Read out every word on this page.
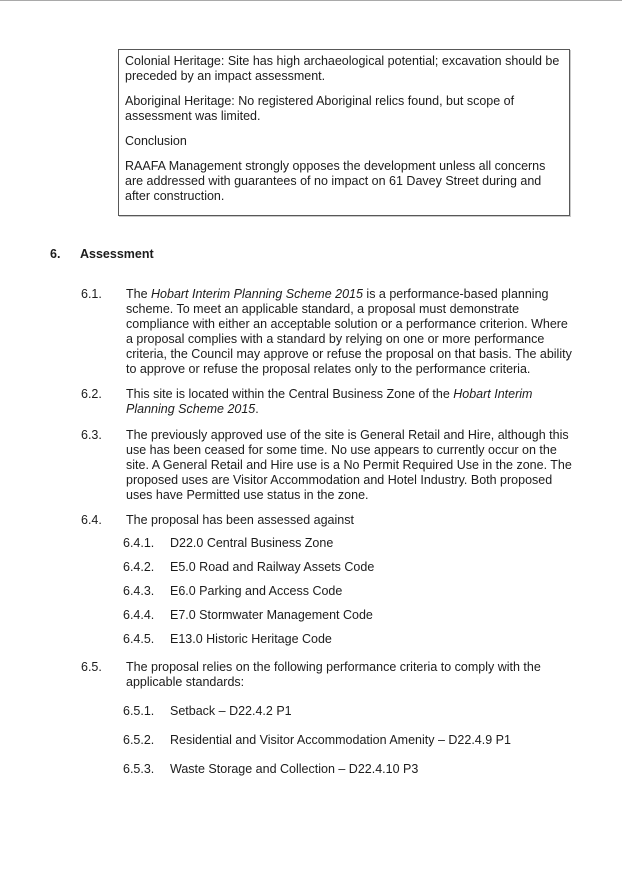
Colonial Heritage: Site has high archaeological potential; excavation should be preceded by an impact assessment.

Aboriginal Heritage: No registered Aboriginal relics found, but scope of assessment was limited.

Conclusion

RAAFA Management strongly opposes the development unless all concerns are addressed with guarantees of no impact on 61 Davey Street during and after construction.

6.	Assessment
6.1.	The Hobart Interim Planning Scheme 2015 is a performance-based planning scheme. To meet an applicable standard, a proposal must demonstrate compliance with either an acceptable solution or a performance criterion. Where a proposal complies with a standard by relying on one or more performance criteria, the Council may approve or refuse the proposal on that basis. The ability to approve or refuse the proposal relates only to the performance criteria.
6.2.	This site is located within the Central Business Zone of the Hobart Interim Planning Scheme 2015.
6.3.	The previously approved use of the site is General Retail and Hire, although this use has been ceased for some time. No use appears to currently occur on the site. A General Retail and Hire use is a No Permit Required Use in the zone. The proposed uses are Visitor Accommodation and Hotel Industry. Both proposed uses have Permitted use status in the zone.
6.4.	The proposal has been assessed against
6.4.1.	D22.0 Central Business Zone
6.4.2.	E5.0 Road and Railway Assets Code
6.4.3.	E6.0 Parking and Access Code
6.4.4.	E7.0 Stormwater Management Code
6.4.5.	E13.0 Historic Heritage Code
6.5.	The proposal relies on the following performance criteria to comply with the applicable standards:
6.5.1.	Setback – D22.4.2 P1
6.5.2.	Residential and Visitor Accommodation Amenity – D22.4.9 P1
6.5.3.	Waste Storage and Collection – D22.4.10 P3
